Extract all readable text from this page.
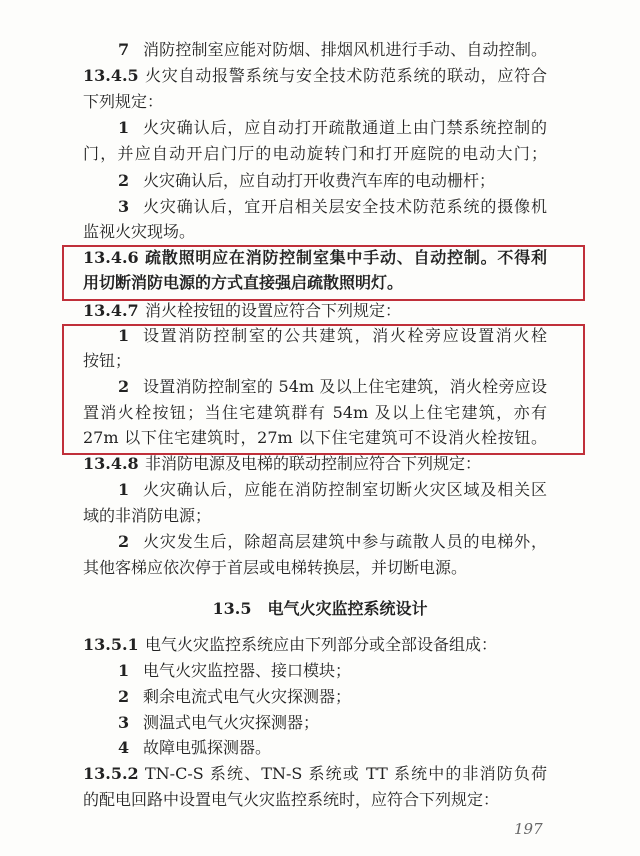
7 消防控制室应能对防烟、排烟风机进行手动、自动控制。
13.4.5 火灾自动报警系统与安全技术防范系统的联动，应符合
下列规定：
1 火灾确认后，应自动打开疏散通道上由门禁系统控制的
门，并应自动开启门厅的电动旋转门和打开庭院的电动大门；
2 火灾确认后，应自动打开收费汽车库的电动栅杆；
3 火灾确认后，宜开启相关层安全技术防范系统的摄像机
监视火灾现场。
13.4.6 疏散照明应在消防控制室集中手动、自动控制。不得利
用切断消防电源的方式直接强启疏散照明灯。
13.4.7 消火栓按钮的设置应符合下列规定：
1 设置消防控制室的公共建筑，消火栓旁应设置消火栓
按钮；
2 设置消防控制室的 54m 及以上住宅建筑，消火栓旁应设
置消火栓按钮；当住宅建筑群有 54m 及以上住宅建筑，亦有
27m 以下住宅建筑时，27m 以下住宅建筑可不设消火栓按钮。
13.4.8 非消防电源及电梯的联动控制应符合下列规定：
1 火灾确认后，应能在消防控制室切断火灾区域及相关区
域的非消防电源；
2 火灾发生后，除超高层建筑中参与疏散人员的电梯外，
其他客梯应依次停于首层或电梯转换层，并切断电源。
13.5.1 电气火灾监控系统应由下列部分或全部设备组成：
1 电气火灾监控器、接口模块；
2 剩余电流式电气火灾探测器；
3 测温式电气火灾探测器；
4 故障电弧探测器。
13.5.2 TN-C-S 系统、TN-S 系统或 TT 系统中的非消防负荷
的配电回路中设置电气火灾监控系统时，应符合下列规定：
13.5　电气火灾监控系统设计
197
